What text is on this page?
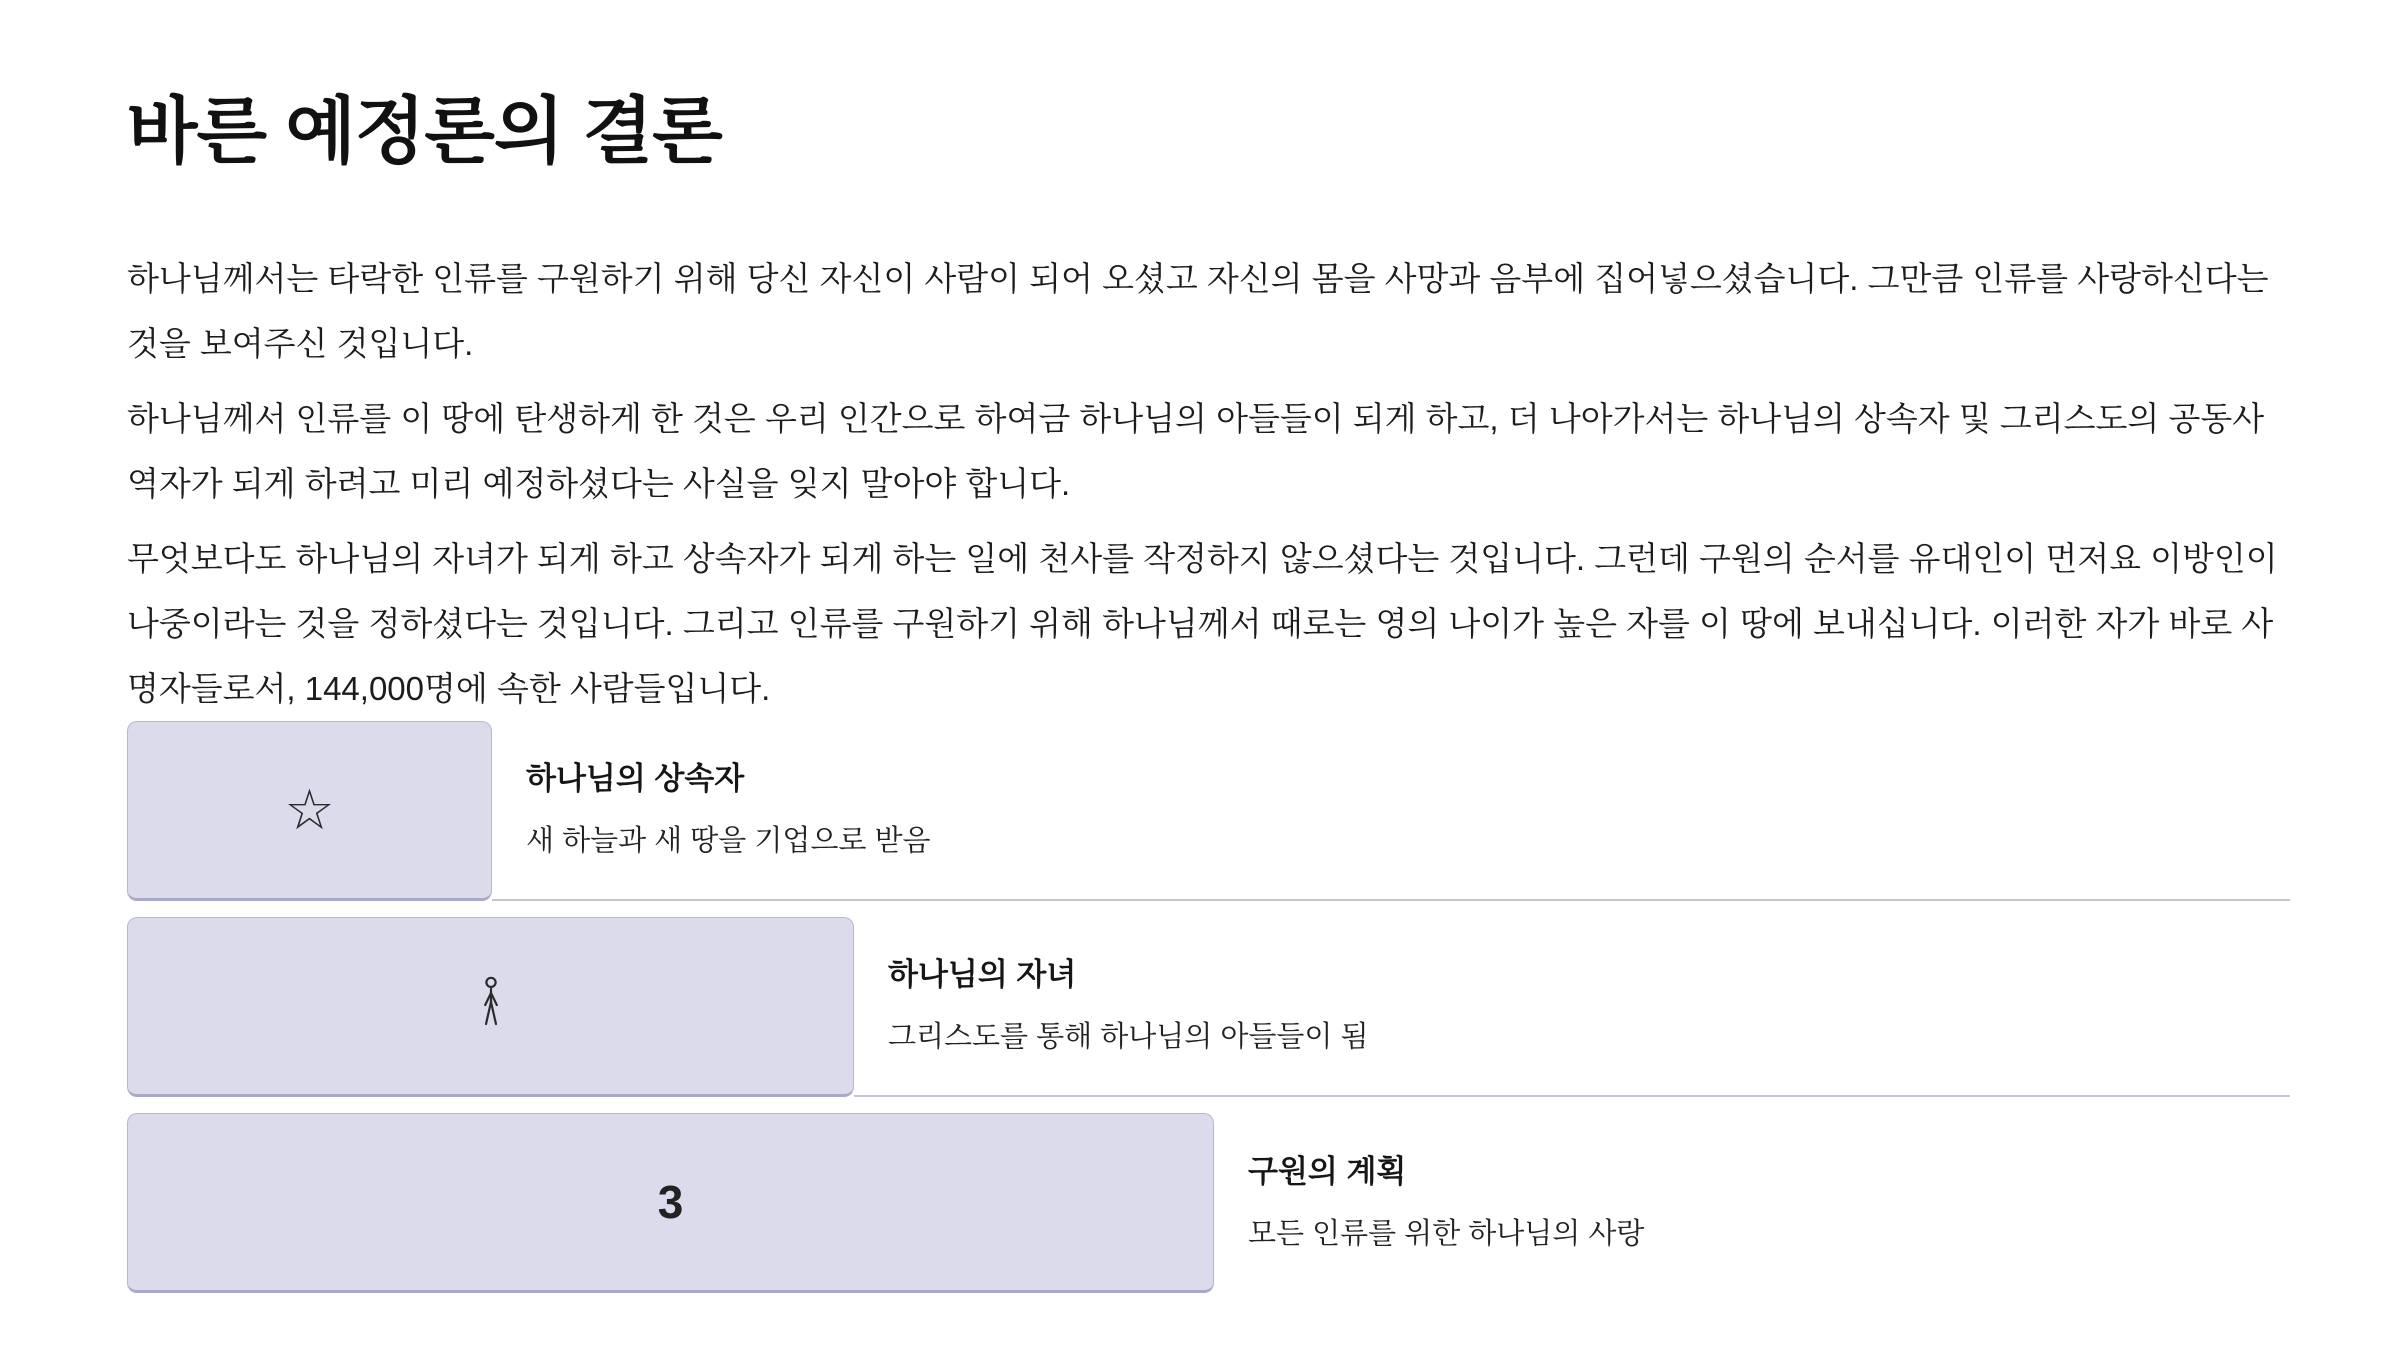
바른 예정론의 결론

하나님께서는 타락한 인류를 구원하기 위해 당신 자신이 사람이 되어 오셨고 자신의 몸을 사망과 음부에 집어넣으셨습니다. 그만큼 인류를 사랑하신다는 것을 보여주신 것입니다.

하나님께서 인류를 이 땅에 탄생하게 한 것은 우리 인간으로 하여금 하나님의 아들들이 되게 하고, 더 나아가서는 하나님의 상속자 및 그리스도의 공동사역자가 되게 하려고 미리 예정하셨다는 사실을 잊지 말아야 합니다.

무엇보다도 하나님의 자녀가 되게 하고 상속자가 되게 하는 일에 천사를 작정하지 않으셨다는 것입니다. 그런데 구원의 순서를 유대인이 먼저요 이방인이 나중이라는 것을 정하셨다는 것입니다. 그리고 인류를 구원하기 위해 하나님께서 때로는 영의 나이가 높은 자를 이 땅에 보내십니다. 이러한 자가 바로 사명자들로서, 144,000명에 속한 사람들입니다.

☆	하나님의 상속자
새 하늘과 새 땅을 기업으로 받음
하나님의 자녀
그리스도를 통해 하나님의 아들들이 됨
3
구원의 계획
모든 인류를 위한 하나님의 사랑
